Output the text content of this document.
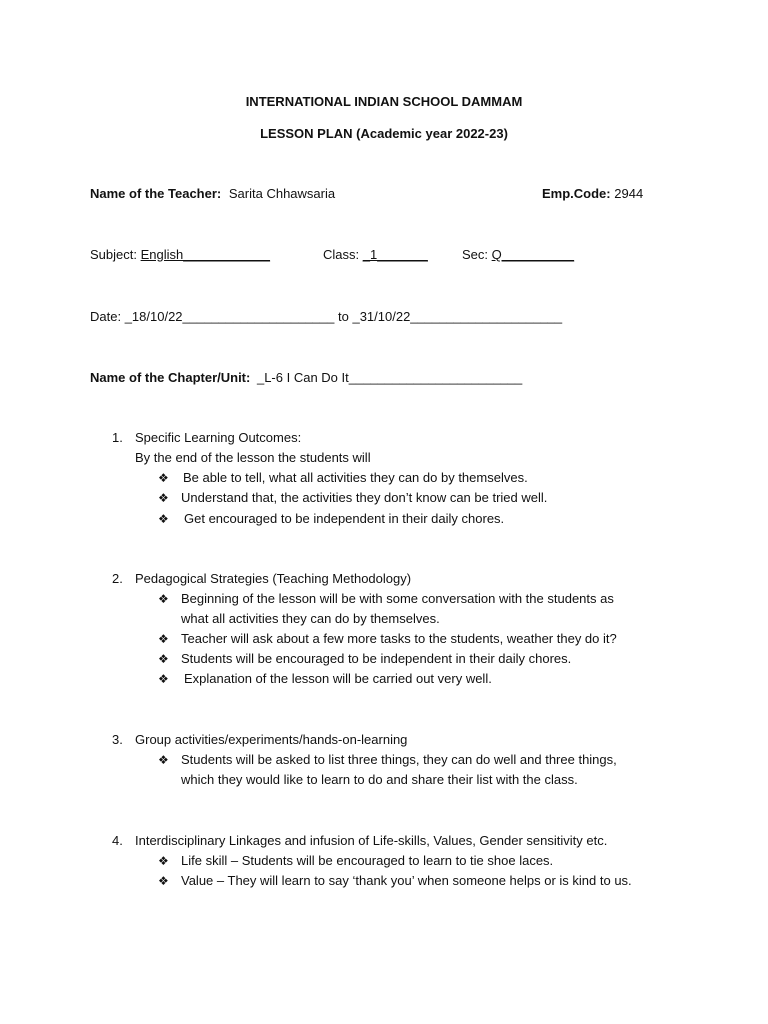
INTERNATIONAL INDIAN SCHOOL DAMMAM
LESSON PLAN (Academic year 2022-23)
Name of the Teacher: Sarita Chhawsaria	Emp.Code: 2944
Subject: English____________	Class: _1_______	Sec: Q__________
Date: _18/10/22_____________________ to _31/10/22_____________________
Name of the Chapter/Unit: _L-6 I Can Do It________________________
1. Specific Learning Outcomes:
By the end of the lesson the students will
❖	Be able to tell, what all activities they can do by themselves.
❖ Understand that, the activities they don’t know can be tried well.
❖	Get encouraged to be independent in their daily chores.
2. Pedagogical Strategies (Teaching Methodology)
❖ Beginning of the lesson will be with some conversation with the students as
what all activities they can do by themselves.
❖ Teacher will ask about a few more tasks to the students, weather they do it?
❖ Students will be encouraged to be independent in their daily chores.
❖	Explanation of the lesson will be carried out very well.
3. Group activities/experiments/hands-on-learning
❖ Students will be asked to list three things, they can do well and three things,
which they would like to learn to do and share their list with the class.
4. Interdisciplinary Linkages and infusion of Life-skills, Values, Gender sensitivity etc.
❖ Life skill – Students will be encouraged to learn to tie shoe laces.
❖ Value – They will learn to say ‘thank you’ when someone helps or is kind to us.
